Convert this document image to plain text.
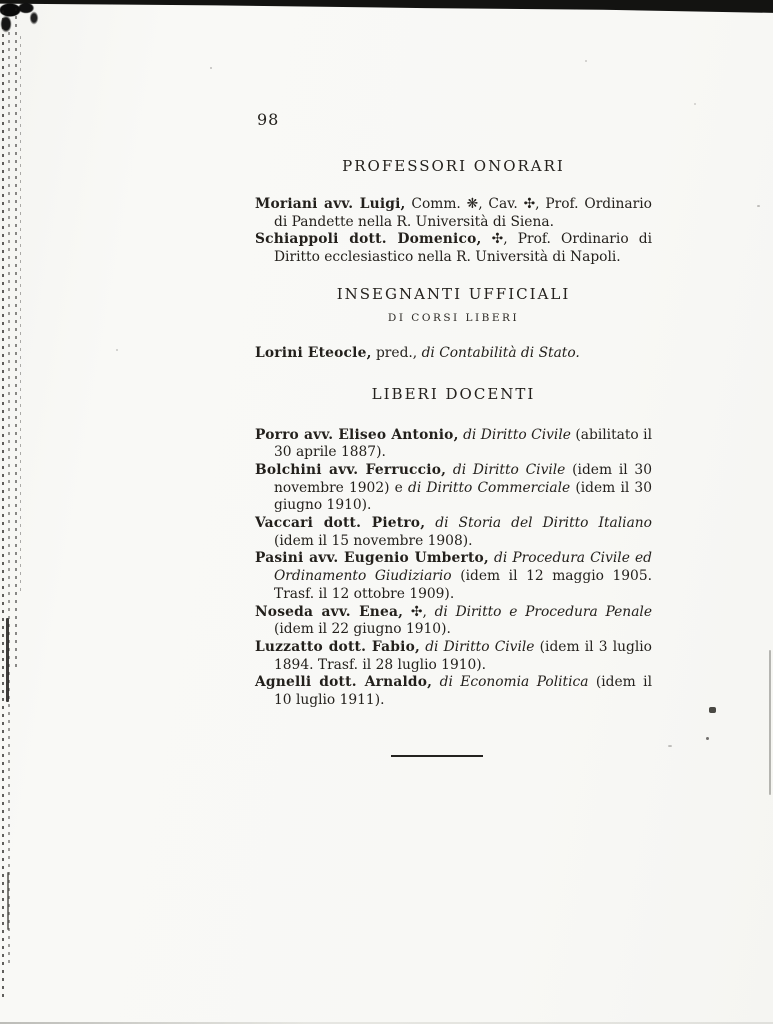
98
PROFESSORI ONORARI

Moriani avv. Luigi, Comm. ❋, Cav. ✣, Prof. Ordinario di Pandette nella R. Università di Siena.

Schiappoli dott. Domenico, ✣, Prof. Ordinario di Diritto ecclesiastico nella R. Università di Napoli.

INSEGNANTI UFFICIALI
DI CORSI LIBERI

Lorini Eteocle, pred., di Contabilità di Stato.

LIBERI DOCENTI

Porro avv. Eliseo Antonio, di Diritto Civile (abilitato il 30 aprile 1887).

Bolchini avv. Ferruccio, di Diritto Civile (idem il 30 novembre 1902) e di Diritto Commerciale (idem il 30 giugno 1910).

Vaccari dott. Pietro, di Storia del Diritto Italiano (idem il 15 novembre 1908).

Pasini avv. Eugenio Umberto, di Procedura Civile ed Ordinamento Giudiziario (idem il 12 maggio 1905. Trasf. il 12 ottobre 1909).

Noseda avv. Enea, ✣, di Diritto e Procedura Penale (idem il 22 giugno 1910).

Luzzatto dott. Fabio, di Diritto Civile (idem il 3 luglio 1894. Trasf. il 28 luglio 1910).

Agnelli dott. Arnaldo, di Economia Politica (idem il 10 luglio 1911).
